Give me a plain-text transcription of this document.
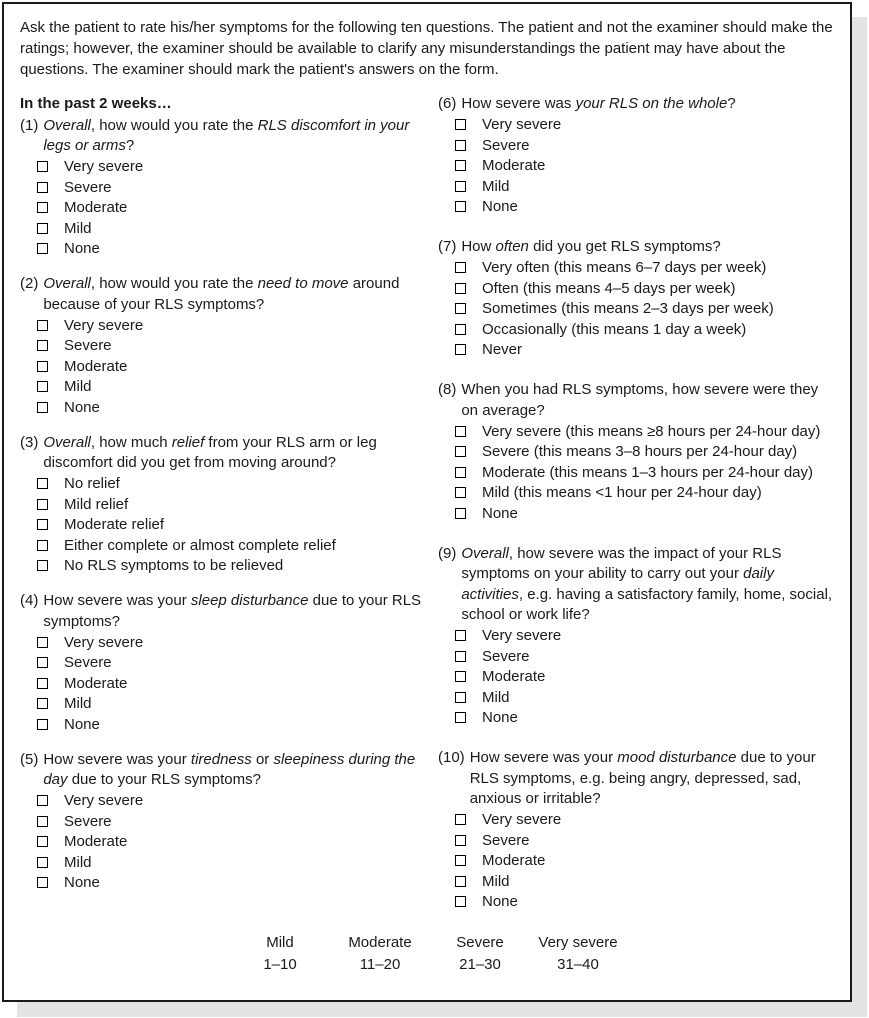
Ask the patient to rate his/her symptoms for the following ten questions. The patient and not the examiner should make the ratings; however, the examiner should be available to clarify any misunderstandings the patient may have about the questions. The examiner should mark the patient's answers on the form.
In the past 2 weeks…
(1) Overall, how would you rate the RLS discomfort in your legs or arms?
Very severe
Severe
Moderate
Mild
None
(2) Overall, how would you rate the need to move around because of your RLS symptoms?
Very severe
Severe
Moderate
Mild
None
(3) Overall, how much relief from your RLS arm or leg discomfort did you get from moving around?
No relief
Mild relief
Moderate relief
Either complete or almost complete relief
No RLS symptoms to be relieved
(4) How severe was your sleep disturbance due to your RLS symptoms?
Very severe
Severe
Moderate
Mild
None
(5) How severe was your tiredness or sleepiness during the day due to your RLS symptoms?
Very severe
Severe
Moderate
Mild
None
(6) How severe was your RLS on the whole?
Very severe
Severe
Moderate
Mild
None
(7) How often did you get RLS symptoms?
Very often (this means 6–7 days per week)
Often (this means 4–5 days per week)
Sometimes (this means 2–3 days per week)
Occasionally (this means 1 day a week)
Never
(8) When you had RLS symptoms, how severe were they on average?
Very severe (this means ≥8 hours per 24-hour day)
Severe (this means 3–8 hours per 24-hour day)
Moderate (this means 1–3 hours per 24-hour day)
Mild (this means <1 hour per 24-hour day)
None
(9) Overall, how severe was the impact of your RLS symptoms on your ability to carry out your daily activities, e.g. having a satisfactory family, home, social, school or work life?
Very severe
Severe
Moderate
Mild
None
(10) How severe was your mood disturbance due to your RLS symptoms, e.g. being angry, depressed, sad, anxious or irritable?
Very severe
Severe
Moderate
Mild
None
Mild
1–10
Moderate
11–20
Severe
21–30
Very severe
31–40
